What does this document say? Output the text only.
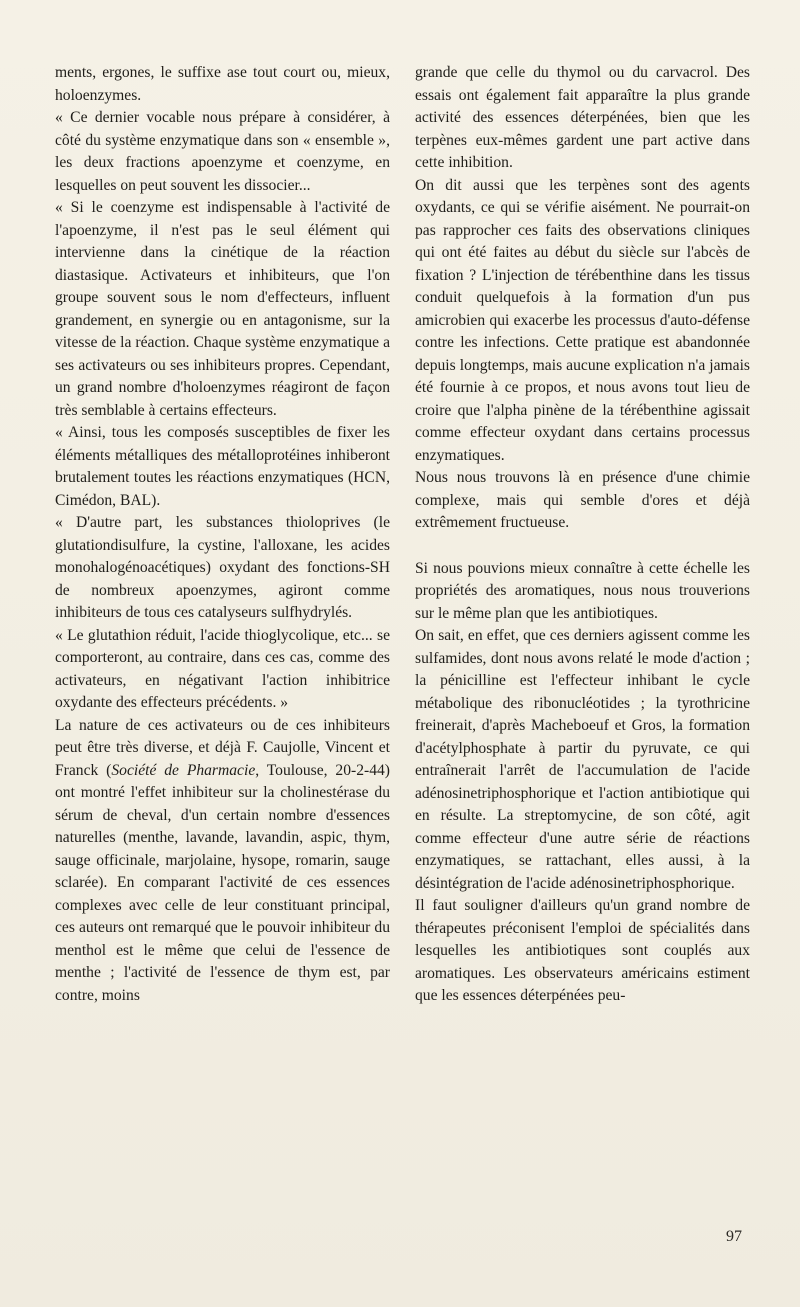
ments, ergones, le suffixe ase tout court ou, mieux, holoenzymes.

« Ce dernier vocable nous prépare à considérer, à côté du système enzymatique dans son « ensemble », les deux fractions apoenzyme et coenzyme, en lesquelles on peut souvent les dissocier...

« Si le coenzyme est indispensable à l'activité de l'apoenzyme, il n'est pas le seul élément qui intervienne dans la cinétique de la réaction diastasique. Activateurs et inhibiteurs, que l'on groupe souvent sous le nom d'effecteurs, influent grandement, en synergie ou en antagonisme, sur la vitesse de la réaction. Chaque système enzymatique a ses activateurs ou ses inhibiteurs propres. Cependant, un grand nombre d'holoenzymes réagiront de façon très semblable à certains effecteurs.

« Ainsi, tous les composés susceptibles de fixer les éléments métalliques des métalloprotéines inhiberont brutalement toutes les réactions enzymatiques (HCN, Cimédon, BAL).

« D'autre part, les substances thioloprives (le glutationdisulfure, la cystine, l'alloxane, les acides monohalogénoacétiques) oxydant des fonctions-SH de nombreux apoenzymes, agiront comme inhibiteurs de tous ces catalyseurs sulfhydrylés.

« Le glutathion réduit, l'acide thioglycolique, etc... se comporteront, au contraire, dans ces cas, comme des activateurs, en négativant l'action inhibitrice oxydante des effecteurs précédents. »

La nature de ces activateurs ou de ces inhibiteurs peut être très diverse, et déjà F. Caujolle, Vincent et Franck (Société de Pharmacie, Toulouse, 20-2-44) ont montré l'effet inhibiteur sur la cholinestérase du sérum de cheval, d'un certain nombre d'essences naturelles (menthe, lavande, lavandin, aspic, thym, sauge officinale, marjolaine, hysope, romarin, sauge sclarée). En comparant l'activité de ces essences complexes avec celle de leur constituant principal, ces auteurs ont remarqué que le pouvoir inhibiteur du menthol est le même que celui de l'essence de menthe ; l'activité de l'essence de thym est, par contre, moins

grande que celle du thymol ou du carvacrol. Des essais ont également fait apparaître la plus grande activité des essences déterpénées, bien que les terpènes eux-mêmes gardent une part active dans cette inhibition.

On dit aussi que les terpènes sont des agents oxydants, ce qui se vérifie aisément. Ne pourrait-on pas rapprocher ces faits des observations cliniques qui ont été faites au début du siècle sur l'abcès de fixation ? L'injection de térébenthine dans les tissus conduit quelquefois à la formation d'un pus amicrobien qui exacerbe les processus d'auto-défense contre les infections. Cette pratique est abandonnée depuis longtemps, mais aucune explication n'a jamais été fournie à ce propos, et nous avons tout lieu de croire que l'alpha pinène de la térébenthine agissait comme effecteur oxydant dans certains processus enzymatiques.

Nous nous trouvons là en présence d'une chimie complexe, mais qui semble d'ores et déjà extrêmement fructueuse.

Si nous pouvions mieux connaître à cette échelle les propriétés des aromatiques, nous nous trouverions sur le même plan que les antibiotiques.

On sait, en effet, que ces derniers agissent comme les sulfamides, dont nous avons relaté le mode d'action ; la pénicilline est l'effecteur inhibant le cycle métabolique des ribonucléotides ; la tyrothricine freinerait, d'après Macheboeuf et Gros, la formation d'acétylphosphate à partir du pyruvate, ce qui entraînerait l'arrêt de l'accumulation de l'acide adénosinetriphosphorique et l'action antibiotique qui en résulte. La streptomycine, de son côté, agit comme effecteur d'une autre série de réactions enzymatiques, se rattachant, elles aussi, à la désintégration de l'acide adénosinetriphosphorique.

Il faut souligner d'ailleurs qu'un grand nombre de thérapeutes préconisent l'emploi de spécialités dans lesquelles les antibiotiques sont couplés aux aromatiques. Les observateurs américains estiment que les essences déterpénées peu-

97
